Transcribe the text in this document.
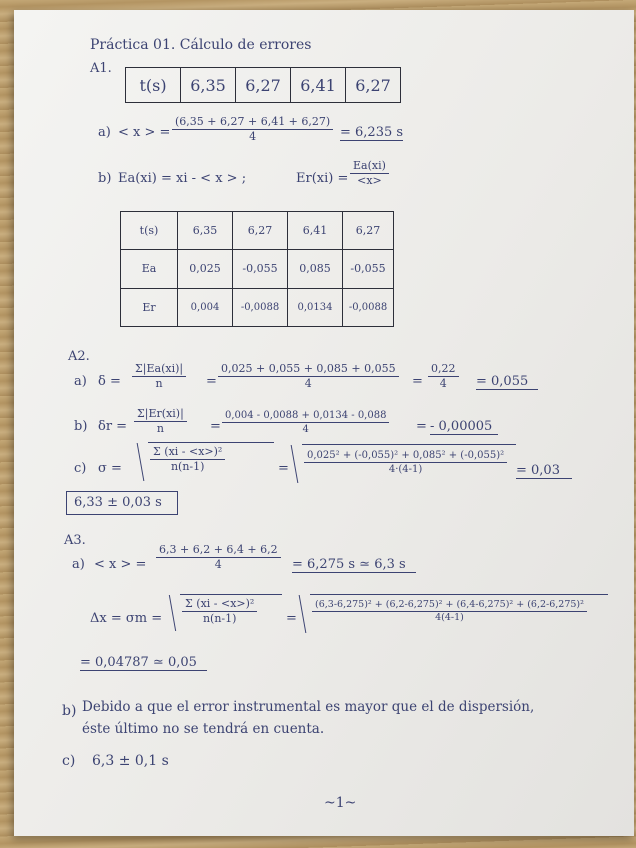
Práctica 01. Cálculo de errores
A1.
t(s)	6,35	6,27	6,41	6,27
a) < x > = $\frac{(6,35 + 6,27 + 6,41 + 6,27)}{4} = 6,235$ s
b) Ea(xi) = xi - < x > ;	$Er(xi) = \frac{Ea(xi)}{<x>}$
t(s)	6,35	6,27	6,41	6,27
Ea	0,025	-0,055	0,085	-0,055
Er	0,004	-0,0088	0,0134	-0,0088
A2.
a) $\delta = \frac{\Sigma|Ea(xi)|}{n} = \frac{0,025 + 0,055 + 0,085 + 0,055}{4} = \frac{0,22}{4} = 0,055$
b) $\delta r = \frac{\Sigma|Er(xi)|}{n} = \frac{0,004 - 0,0088 + 0,0134 - 0,088}{4}$ = - 0,00005
c) σ =	$\frac{\text{Σ (xi - <x>)²}}{n(n-1)}$	= $\frac{\text{0,025² + (-0,055)² + 0,085² + (-0,055)²}}{4\cdot(4-1)} = 0,03$
6,33 ± 0,03 s
A3.
a) < x > = $\frac{6,3 + 6,2 + 6,4 + 6,2}{4} = 6,275$ s ≃ 6,3 s
$\Delta x = \sigma m = \frac{\text{Σ (xi - <x>)²}}{n(n-1)} = \frac{\text{(6,3-6,275)² + (6,2-6,275)² + (6,4-6,275)² + (6,2-6,275)²}}{4(4-1)}$
= 0,04787 ≃ 0,05
b) Debido a que el error instrumental es mayor que el de dispersión,
éste último no se tendrá en cuenta.
c) 6,3 ± 0,1 s
~1~
